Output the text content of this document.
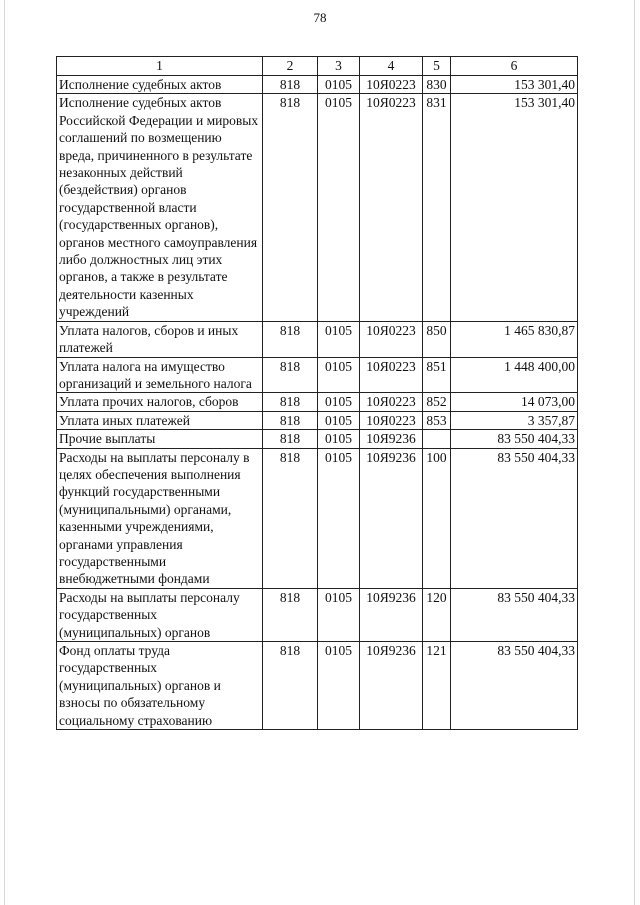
78
1	2	3	4	5	6
Исполнение судебных актов	818	0105	10Я0223	830	153 301,40
Исполнение судебных актов Российской Федерации и мировых соглашений по возмещению вреда, причиненного в результате незаконных действий (бездействия) органов государственной власти (государственных органов), органов местного самоуправления либо должностных лиц этих органов, а также в результате деятельности казенных учреждений	818	0105	10Я0223	831	153 301,40
Уплата налогов, сборов и иных платежей	818	0105	10Я0223	850	1 465 830,87
Уплата налога на имущество организаций и земельного налога	818	0105	10Я0223	851	1 448 400,00
Уплата прочих налогов, сборов	818	0105	10Я0223	852	14 073,00
Уплата иных платежей	818	0105	10Я0223	853	3 357,87
Прочие выплаты	818	0105	10Я9236		83 550 404,33
Расходы на выплаты персоналу в целях обеспечения выполнения функций государственными (муниципальными) органами, казенными учреждениями, органами управления государственными внебюджетными фондами	818	0105	10Я9236	100	83 550 404,33
Расходы на выплаты персоналу государственных (муниципальных) органов	818	0105	10Я9236	120	83 550 404,33
Фонд оплаты труда государственных (муниципальных) органов и взносы по обязательному социальному страхованию	818	0105	10Я9236	121	83 550 404,33
